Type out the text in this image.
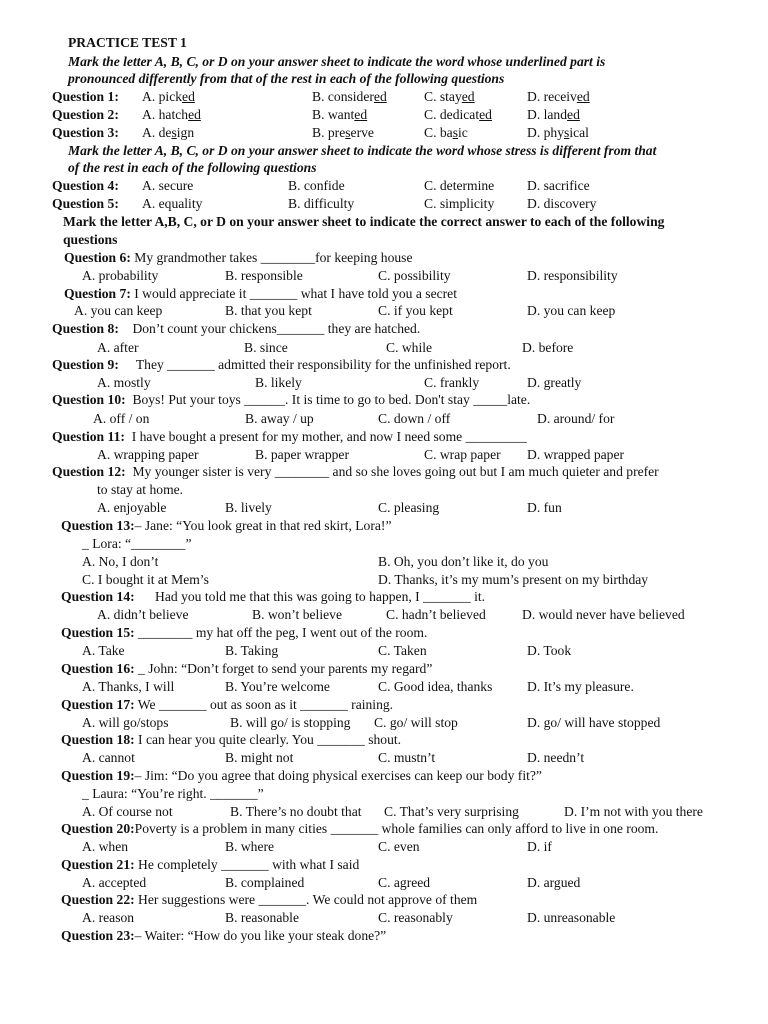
PRACTICE TEST 1
Mark the letter A, B, C, or D on your answer sheet to indicate the word whose underlined part is
pronounced differently from that of the rest in each of the following questions
Question 1: A. picked	B. considered	C. stayed	D. received
Question 2: A. hatched	B. wanted	C. dedicated	D. landed
Question 3: A. design	B. preserve	C. basic	D. physical
Mark the letter A, B, C, or D on your answer sheet to indicate the word whose stress is different from that
of the rest in each of the following questions
Question 4: A. secure	B. confide	C. determine D. sacrifice
Question 5: A. equality	B. difficulty	C. simplicity D. discovery
Mark the letter A,B, C, or D on your answer sheet to indicate the correct answer to each of the following
questions
Question 6: My grandmother takes ________for keeping house
A. probability	B. responsible	C. possibility	D. responsibility
Question 7: I would appreciate it _______ what I have told you a secret
A. you can keep	B. that you kept	C. if you kept	D. you can keep
Question 8: Don’t count your chickens_______ they are hatched.
A. after	B. since	C. while	D. before
Question 9: They _______ admitted their responsibility for the unfinished report.
A. mostly	B. likely	C. frankly	D. greatly
Question 10: Boys! Put your toys ______. It is time to go to bed. Don't stay _____late.
A. off / on	B. away / up	C. down / off	D. around/ for
Question 11: I have bought a present for my mother, and now I need some _________
A. wrapping paper	B. paper wrapper	C. wrap paper D. wrapped paper
Question 12: My younger sister is very ________ and so she loves going out but I am much quieter and prefer
to stay at home.
A. enjoyable	B. lively	C. pleasing	D. fun
Question 13:– Jane: “You look great in that red skirt, Lora!”
_ Lora: “________”
A. No, I don’t	B. Oh, you don’t like it, do you
C. I bought it at Mem’s	D. Thanks, it’s my mum’s present on my birthday
Question 14: Had you told me that this was going to happen, I _______ it.
A. didn’t believe	B. won’t believe	C. hadn’t believed	D. would never have believed
Question 15: ________ my hat off the peg, I went out of the room.
A. Take	B. Taking	C. Taken	D. Took
Question 16: _ John: “Don’t forget to send your parents my regard”
A. Thanks, I will	B. You’re welcome	C. Good idea, thanks	D. It’s my pleasure.
Question 17: We _______ out as soon as it _______ raining.
A. will go/stops	B. will go/ is stopping C. go/ will stop	D. go/ will have stopped
Question 18: I can hear you quite clearly. You _______ shout.
A. cannot	B. might not	C. mustn’t	D. needn’t
Question 19:– Jim: “Do you agree that doing physical exercises can keep our body fit?”
_ Laura: “You’re right. _______”
A. Of course not	B. There’s no doubt that C. That’s very surprising	D. I’m not with you there
Question 20:Poverty is a problem in many cities _______ whole families can only afford to live in one room.
A. when	B. where	C. even	D. if
Question 21: He completely _______ with what I said
A. accepted	B. complained	C. agreed	D. argued
Question 22: Her suggestions were _______. We could not approve of them
A. reason	B. reasonable	C. reasonably	D. unreasonable
Question 23:– Waiter: “How do you like your steak done?”
